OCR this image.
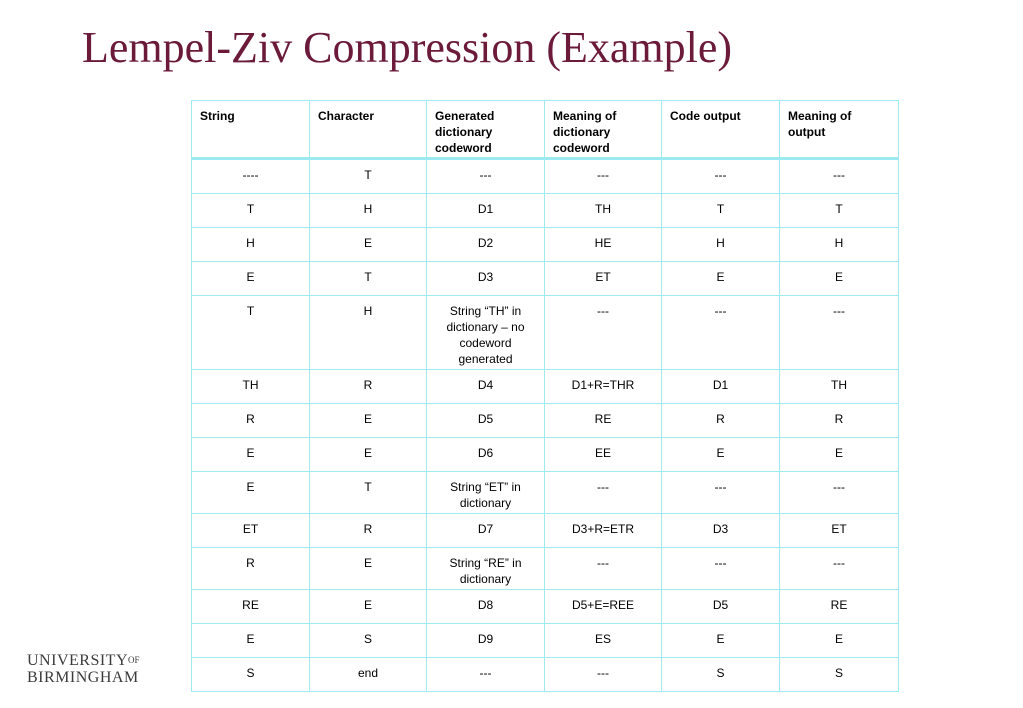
Lempel-Ziv Compression (Example)
String	Character	Generated dictionary codeword	Meaning of dictionary codeword	Code output	Meaning of output
----	T	---	---	---	---
T	H	D1	TH	T	T
H	E	D2	HE	H	H
E	T	D3	ET	E	E
T	H	String “TH” in dictionary – no codeword generated	---	---	---
TH	R	D4	D1+R=THR	D1	TH
R	E	D5	RE	R	R
E	E	D6	EE	E	E
E	T	String “ET” in dictionary	---	---	---
ET	R	D7	D3+R=ETR	D3	ET
R	E	String “RE” in dictionary	---	---	---
RE	E	D8	D5+E=REE	D5	RE
E	S	D9	ES	E	E
S	end	---	---	S	S
$UNIVERSITY^{OF}$
BIRMINGHAM
